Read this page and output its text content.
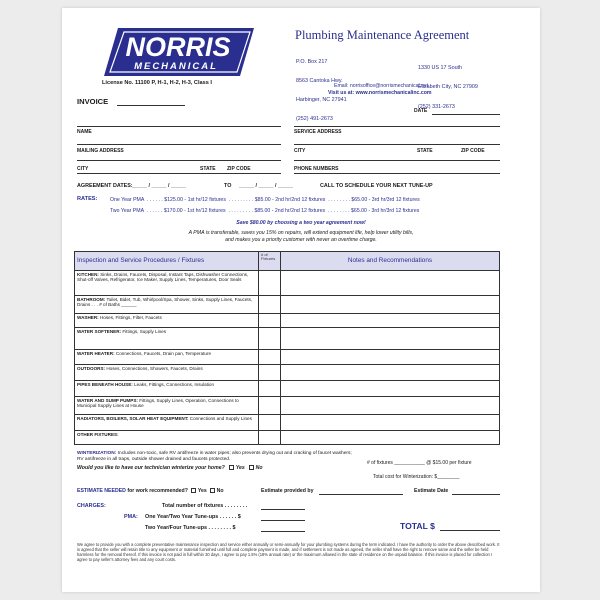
NORRIS
MECHANICAL
License No. 11100 P, H-1, H-2, H-3, Class I
Plumbing Maintenance Agreement

P.O. Box 217

8563 Cantoka Hwy.

Harbinger, NC 27941

(252) 491-2673

1330 US 17 South

Elizabeth City, NC 27909

(252) 331-2673

Email: norrisoffice@norrismechanical.net
Visit us at: www.norrismechanicalinc.com
INVOICE
DATE
NAME	SERVICE ADDRESS
MAILING ADDRESS	CITY	STATE	ZIP CODE
CITY	STATE ZIP CODE	PHONE NUMBERS
AGREEMENT DATES: _____ / _____ / _____	TO _____ / _____ / _____	CALL TO SCHEDULE YOUR NEXT TUNE-UP
RATES: One Year PMA  . . . . . . $125.00 - 1st hr/12 fixtures  . . . . . . . . . $85.00 - 2nd hr/2nd 12 fixtures  . . . . . . . . $65.00 - 3rd hr/3rd 12 fixtures
Two Year PMA  . . . . . . $170.00 - 1st hr/12 fixtures  . . . . . . . . . $85.00 - 2nd hr/2nd 12 fixtures  . . . . . . . . $65.00 - 3rd hr/3rd 12 fixtures
Save $80.00 by choosing a two year agreement now!
A PMA is transferable, saves you 15% on repairs, will extend equipment life, help lower utility bills,
and makes you a priority customer with never an overtime charge.
Inspection and Service Procedures / Fixtures	# of Fixtures	Notes and Recommendations
KITCHEN: Sinks, Drains, Faucets, Disposal, Instant Taps, Dishwasher Connections, Shut-off Valves, Refrigerator, Ice Maker, Supply Lines, Temperatures, Door Seals		
BATHROOM: Toilet, Bidet, Tub, Whirlpool/Spa, Shower, Sinks, Supply Lines, Faucets, Drains . . . # of Baths ______		
WASHER: Hoses, Fittings, Filter, Faucets		
WATER SOFTENER: Fittings, Supply Lines		
WATER HEATER: Connections, Faucets, Drain pan, Temperature		
OUTDOORS: Hoses, Connections, Showers, Faucets, Drains		
PIPES BENEATH HOUSE: Leaks, Fittings, Connections, Insulation		
WATER AND SUMP PUMPS: Fittings, Supply Lines, Operation, Connections to Municipal Supply Lines at House		
RADIATORS, BOILERS, SOLAR HEAT EQUIPMENT: Connections and Supply Lines		
OTHER FIXTURES:		
WINTERIZATION: Includes non-toxic, safe RV antifreeze in water pipes; also prevents drying out and cracking of faucet washers;
RV antifreeze in all traps, outside shower drained and faucets protected.
Would you like to have our technician winterize your home? Yes No
# of fixtures ___________ @ $15.00 per fixture
Total cost for Winterization: $________
ESTIMATE NEEDED for work recommended? Yes No	Estimate provided by	Estimate Date
CHARGES:	Total number of fixtures . . . . . . . .
PMA: One Year/Two Year Tune-ups . . . . . . $
Two Year/Four Tune-ups . . . . . . . . $	TOTAL $
We agree to provide you with a complete preventative maintenance inspection and service either annually or semi-annually for your plumbing systems during the term indicated. I have the authority to order the above described work. It is agreed that the seller will retain title to any equipment or material furnished until full and complete payment is made, and if settlement is not made as agreed, the seller shall have the right to remove same and the seller be held harmless for the removal thereof. If this invoice is not paid in full within 30 days, I agree to pay 1.5% (18% annual rate) or the maximum allowed in the state of residence on the unpaid balance. If this invoice is placed for collection I agree to pay seller's attorney fees and any court costs.
